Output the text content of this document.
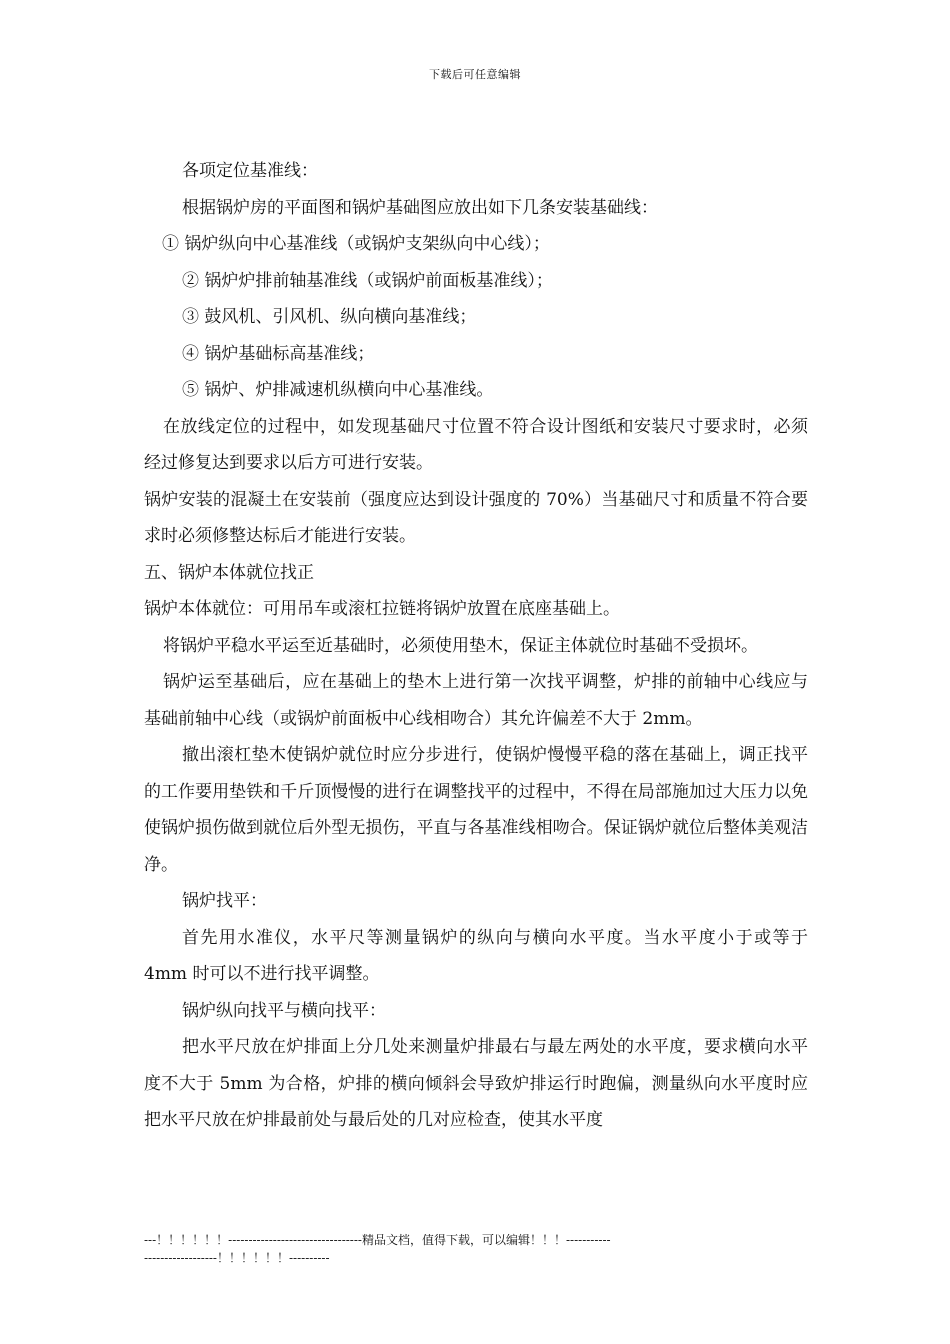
下载后可任意编辑

各项定位基准线：

根据锅炉房的平面图和锅炉基础图应放出如下几条安装基础线：

① 锅炉纵向中心基准线（或锅炉支架纵向中心线）；

② 锅炉炉排前轴基准线（或锅炉前面板基准线）；

③ 鼓风机、引风机、纵向横向基准线；

④ 锅炉基础标高基准线；

⑤ 锅炉、炉排减速机纵横向中心基准线。

在放线定位的过程中，如发现基础尺寸位置不符合设计图纸和安装尺寸要求时，必须经过修复达到要求以后方可进行安装。

锅炉安装的混凝土在安装前（强度应达到设计强度的 70%）当基础尺寸和质量不符合要求时必须修整达标后才能进行安装。

五、锅炉本体就位找正

锅炉本体就位：可用吊车或滚杠拉链将锅炉放置在底座基础上。

将锅炉平稳水平运至近基础时，必须使用垫木，保证主体就位时基础不受损坏。

锅炉运至基础后，应在基础上的垫木上进行第一次找平调整，炉排的前轴中心线应与基础前轴中心线（或锅炉前面板中心线相吻合）其允许偏差不大于 2mm。

撤出滚杠垫木使锅炉就位时应分步进行，使锅炉慢慢平稳的落在基础上，调正找平的工作要用垫铁和千斤顶慢慢的进行在调整找平的过程中，不得在局部施加过大压力以免使锅炉损伤做到就位后外型无损伤，平直与各基准线相吻合。保证锅炉就位后整体美观洁净。

锅炉找平：

首先用水准仪，水平尺等测量锅炉的纵向与横向水平度。当水平度小于或等于 4mm 时可以不进行找平调整。

锅炉纵向找平与横向找平：

把水平尺放在炉排面上分几处来测量炉排最右与最左两处的水平度，要求横向水平度不大于 5mm 为合格，炉排的横向倾斜会导致炉排运行时跑偏，测量纵向水平度时应把水平尺放在炉排最前处与最后处的几对应检查，使其水平度

---！！！！！！---------------------------------精品文档，值得下载，可以编辑！！！-----------------------------！！！！！！----------
